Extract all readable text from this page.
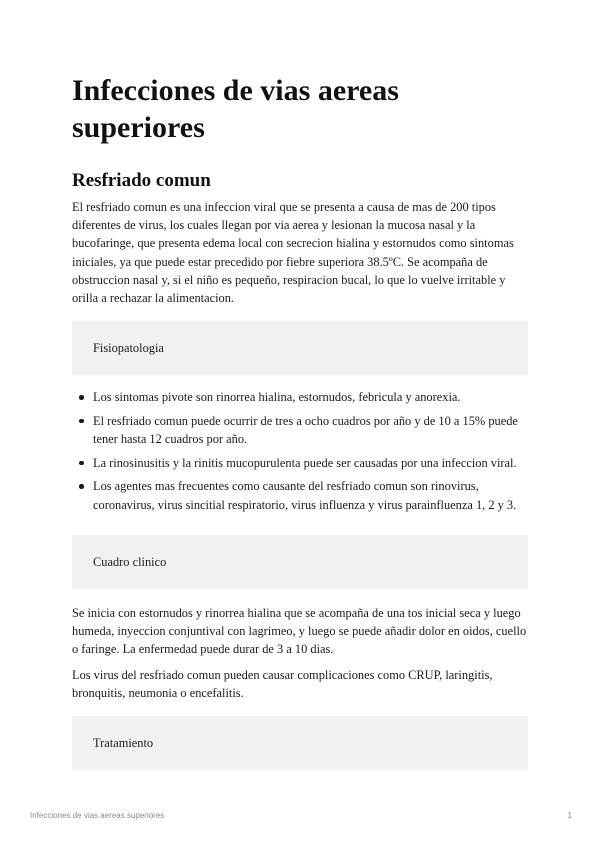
Infecciones de vias aereas superiores
Resfriado comun

El resfriado comun es una infeccion viral que se presenta a causa de mas de 200 tipos diferentes de virus, los cuales llegan por via aerea y lesionan la mucosa nasal y la bucofaringe, que presenta edema local con secrecion hialina y estornudos como sintomas iniciales, ya que puede estar precedido por fiebre superiora 38.5ºC. Se acompaña de obstruccion nasal y, si el niño es pequeño, respiracion bucal, lo que lo vuelve irritable y orilla a rechazar la alimentacion.

Fisiopatologia
Los sintomas pivote son rinorrea hialina, estornudos, febricula y anorexia.
El resfriado comun puede ocurrir de tres a ocho cuadros por año y de 10 a 15% puede tener hasta 12 cuadros por año.
La rinosinusitis y la rinitis mucopurulenta puede ser causadas por una infeccion viral.
Los agentes mas frecuentes como causante del resfriado comun son rinovirus, coronavirus, virus sincitial respiratorio, virus influenza y virus parainfluenza 1, 2 y 3.
Cuadro clinico

Se inicia con estornudos y rinorrea hialina que se acompaña de una tos inicial seca y luego humeda, inyeccion conjuntival con lagrimeo, y luego se puede añadir dolor en oidos, cuello o faringe. La enfermedad puede durar de 3 a 10 dias.

Los virus del resfriado comun pueden causar complicaciones como CRUP, laringitis, bronquitis, neumonia o encefalitis.

Tratamiento
Infecciones de vias aereas superiores	1
